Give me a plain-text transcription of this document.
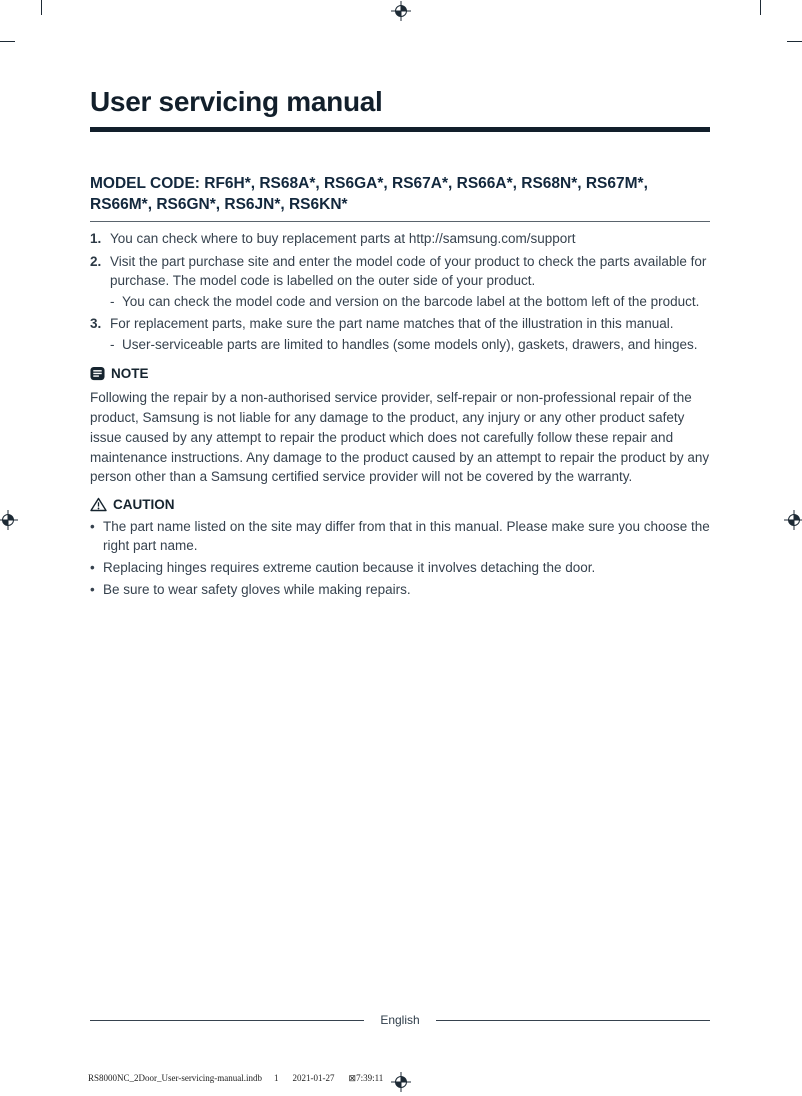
User servicing manual
MODEL CODE: RF6H*, RS68A*, RS6GA*, RS67A*, RS66A*, RS68N*, RS67M*, RS66M*, RS6GN*, RS6JN*, RS6KN*
1. You can check where to buy replacement parts at http://samsung.com/support
2. Visit the part purchase site and enter the model code of your product to check the parts available for purchase. The model code is labelled on the outer side of your product.
- You can check the model code and version on the barcode label at the bottom left of the product.
3. For replacement parts, make sure the part name matches that of the illustration in this manual.
- User-serviceable parts are limited to handles (some models only), gaskets, drawers, and hinges.
NOTE

Following the repair by a non-authorised service provider, self-repair or non-professional repair of the product, Samsung is not liable for any damage to the product, any injury or any other product safety issue caused by any attempt to repair the product which does not carefully follow these repair and maintenance instructions. Any damage to the product caused by an attempt to repair the product by any person other than a Samsung certified service provider will not be covered by the warranty.

CAUTION
• The part name listed on the site may differ from that in this manual. Please make sure you choose the right part name.
• Replacing hinges requires extreme caution because it involves detaching the door.
• Be sure to wear safety gloves while making repairs.
English
RS8000NC_2Door_User-servicing-manual.indb 1 2021-01-27 ⊠7:39:11
